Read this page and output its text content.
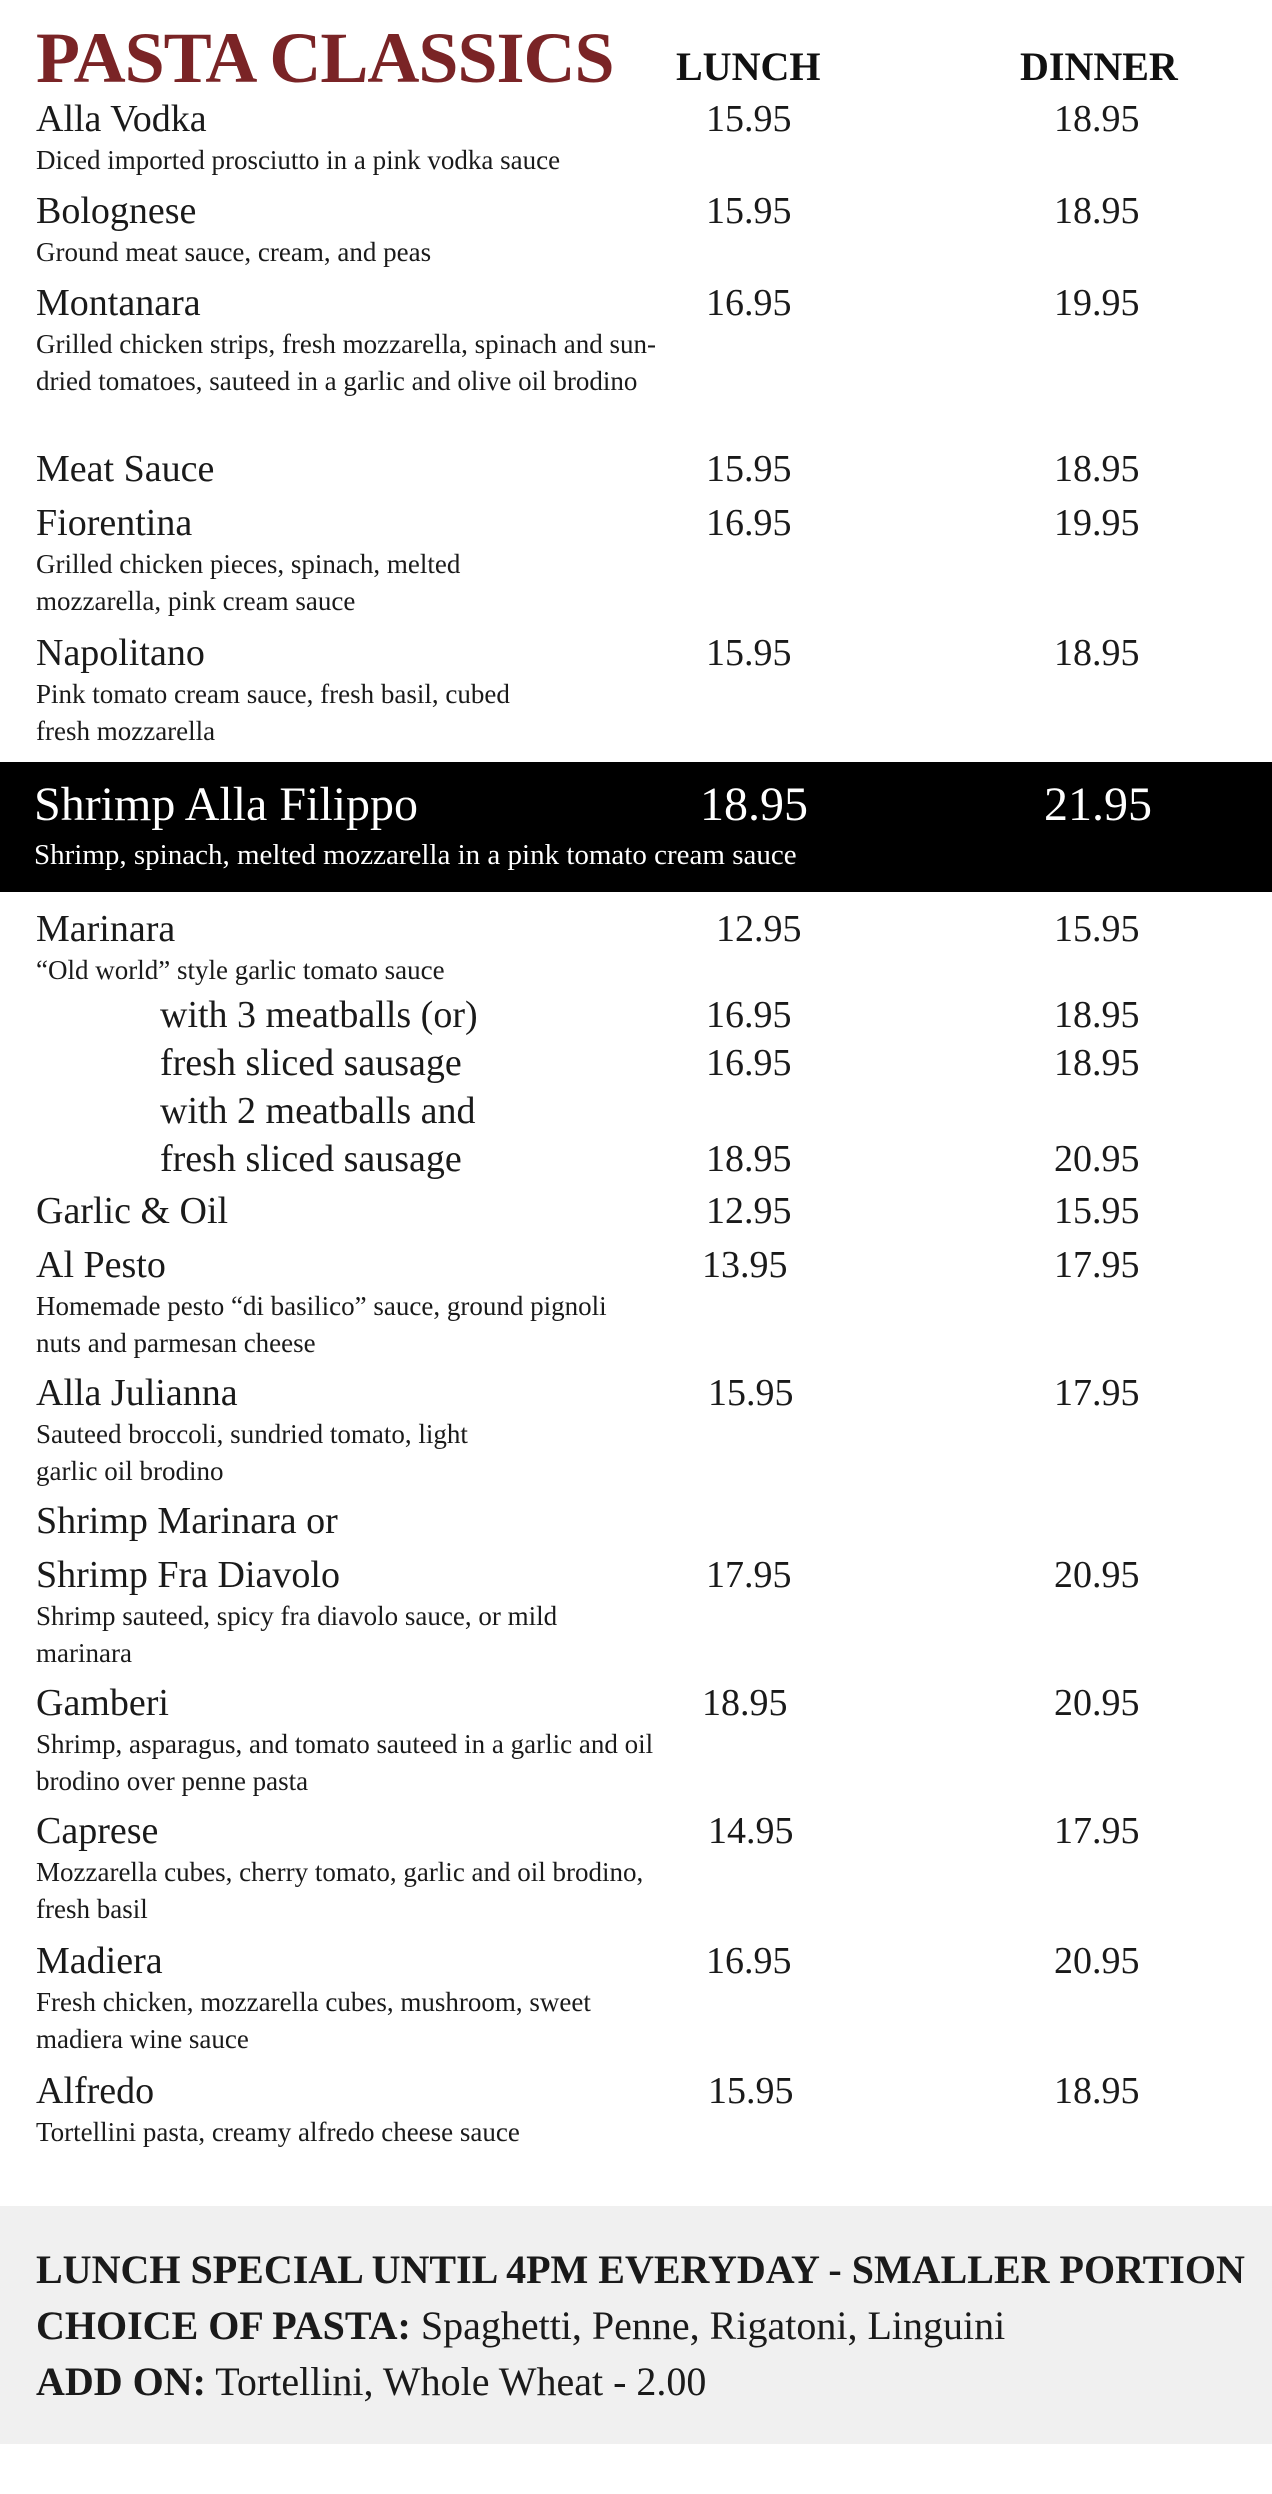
PASTA CLASSICS LUNCH	DINNER
Alla Vodka	15.95	18.95
Diced imported prosciutto in a pink vodka sauce
Bolognese	15.95	18.95
Ground meat sauce, cream, and peas
Montanara	16.95	19.95
Grilled chicken strips, fresh mozzarella, spinach and sun-dried tomatoes, sauteed in a garlic and olive oil brodino
Meat Sauce	15.95	18.95
Fiorentina	16.95	19.95
Grilled chicken pieces, spinach, melted mozzarella, pink cream sauce
Napolitano	15.95	18.95
Pink tomato cream sauce, fresh basil, cubed fresh mozzarella
Shrimp Alla Filippo	18.95	21.95
Shrimp, spinach, melted mozzarella in a pink tomato cream sauce
Marinara	12.95	15.95
“Old world” style garlic tomato sauce
with 3 meatballs (or)	16.95	18.95
fresh sliced sausage	16.95	18.95
with 2 meatballs and
fresh sliced sausage	18.95	20.95
Garlic & Oil	12.95	15.95
Al Pesto	13.95	17.95
Homemade pesto “di basilico” sauce, ground pignoli nuts and parmesan cheese
Alla Julianna	15.95	17.95
Sauteed broccoli, sundried tomato, light garlic oil brodino
Shrimp Marinara or
Shrimp Fra Diavolo	17.95	20.95
Shrimp sauteed, spicy fra diavolo sauce, or mild marinara
Gamberi	18.95	20.95
Shrimp, asparagus, and tomato sauteed in a garlic and oil brodino over penne pasta
Caprese	14.95	17.95
Mozzarella cubes, cherry tomato, garlic and oil brodino, fresh basil
Madiera	16.95	20.95
Fresh chicken, mozzarella cubes, mushroom, sweet madiera wine sauce
Alfredo	15.95	18.95
Tortellini pasta, creamy alfredo cheese sauce
LUNCH SPECIAL UNTIL 4PM EVERYDAY - SMALLER PORTION
CHOICE OF PASTA: Spaghetti, Penne, Rigatoni, Linguini
ADD ON: Tortellini, Whole Wheat - 2.00
